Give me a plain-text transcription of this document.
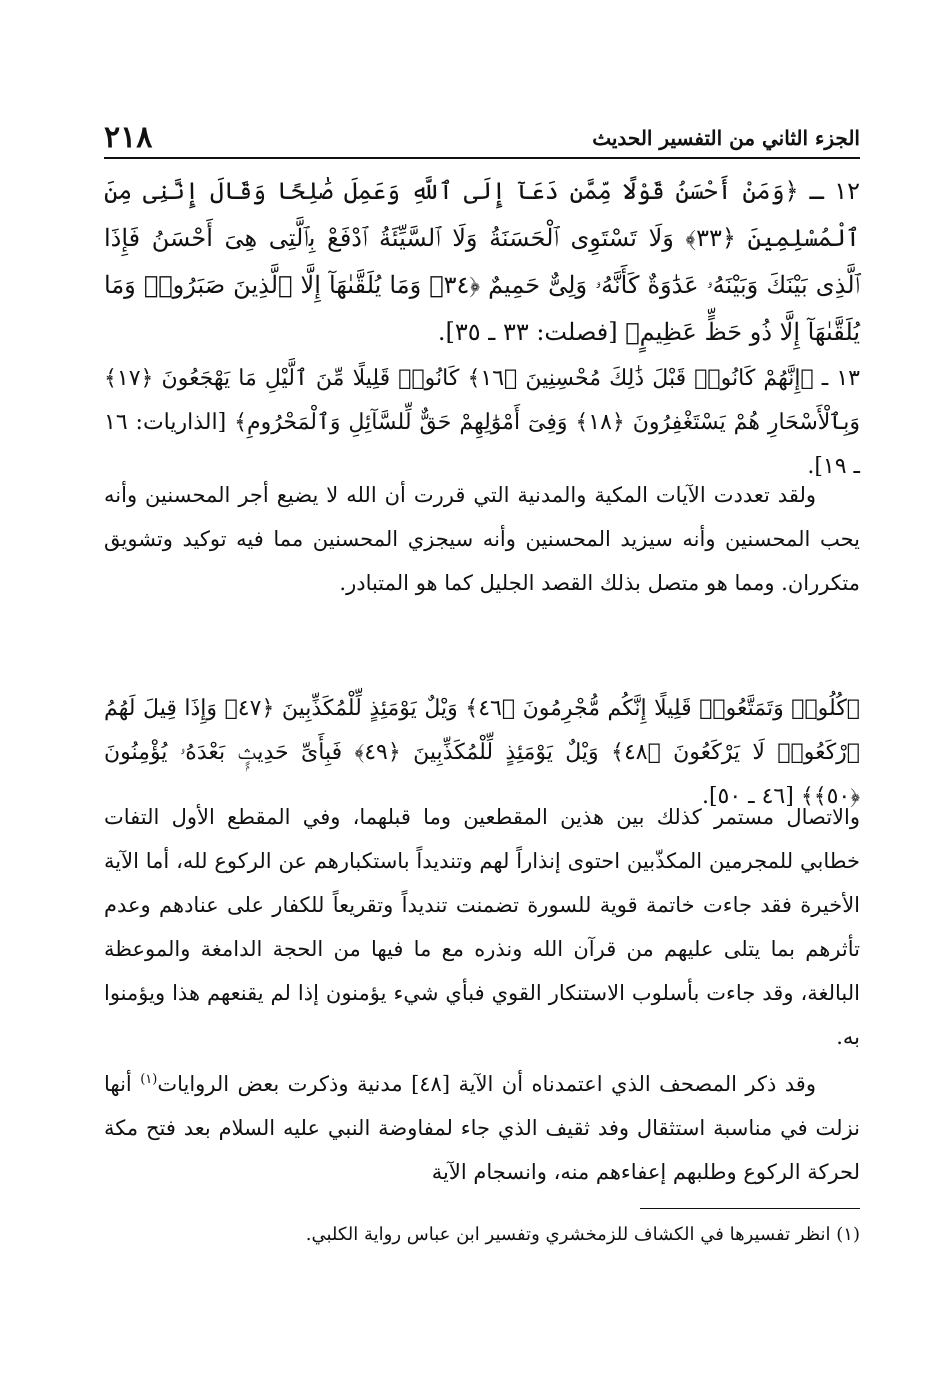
الجزء الثاني من التفسير الحديث
٢١٨
١٢ ـ ﴿وَمَنْ أَحْسَنُ قَوْلًا مِّمَّن دَعَآ إِلَى ٱللَّهِ وَعَمِلَ صَٰلِحًا وَقَالَ إِنَّنِى مِنَ ٱلْمُسْلِمِينَ ﴿٣٣﴾ وَلَا تَسْتَوِى ٱلْحَسَنَةُ وَلَا ٱلسَّيِّئَةُ ٱدْفَعْ بِٱلَّتِى هِىَ أَحْسَنُ فَإِذَا ٱلَّذِى بَيْنَكَ وَبَيْنَهُۥ عَدَٰوَةٌ كَأَنَّهُۥ وَلِىٌّ حَمِيمٌ ﴿٣٤﴾ وَمَا يُلَقَّىٰهَآ إِلَّا ٱلَّذِينَ صَبَرُوا۟ وَمَا يُلَقَّىٰهَآ إِلَّا ذُو حَظٍّ عَظِيمٍ﴾ [فصلت: ٣٣ ـ ٣٥].
١٣ ـ ﴿إِنَّهُمْ كَانُوا۟ قَبْلَ ذَٰلِكَ مُحْسِنِينَ ﴿١٦﴾ كَانُوا۟ قَلِيلًا مِّنَ ٱلَّيْلِ مَا يَهْجَعُونَ ﴿١٧﴾ وَبِٱلْأَسْحَارِ هُمْ يَسْتَغْفِرُونَ ﴿١٨﴾ وَفِىٓ أَمْوَٰلِهِمْ حَقٌّ لِّلسَّآئِلِ وَٱلْمَحْرُومِ﴾ [الذاريات: ١٦ ـ ١٩].
ولقد تعددت الآيات المكية والمدنية التي قررت أن الله لا يضيع أجر المحسنين وأنه يحب المحسنين وأنه سيزيد المحسنين وأنه سيجزي المحسنين مما فيه توكيد وتشويق متكرران. ومما هو متصل بذلك القصد الجليل كما هو المتبادر.
﴿كُلُوا۟ وَتَمَتَّعُوا۟ قَلِيلًا إِنَّكُم مُّجْرِمُونَ ﴿٤٦﴾ وَيْلٌ يَوْمَئِذٍ لِّلْمُكَذِّبِينَ ﴿٤٧﴾ وَإِذَا قِيلَ لَهُمُ ٱرْكَعُوا۟ لَا يَرْكَعُونَ ﴿٤٨﴾ وَيْلٌ يَوْمَئِذٍ لِّلْمُكَذِّبِينَ ﴿٤٩﴾ فَبِأَىِّ حَدِيثٍۭ بَعْدَهُۥ يُؤْمِنُونَ ﴿٥٠﴾﴾ [٤٦ ـ ٥٠].
والاتصال مستمر كذلك بين هذين المقطعين وما قبلهما، وفي المقطع الأول التفات خطابي للمجرمين المكذّبين احتوى إنذاراً لهم وتنديداً باستكبارهم عن الركوع لله، أما الآية الأخيرة فقد جاءت خاتمة قوية للسورة تضمنت تنديداً وتقريعاً للكفار على عنادهم وعدم تأثرهم بما يتلى عليهم من قرآن الله ونذره مع ما فيها من الحجة الدامغة والموعظة البالغة، وقد جاءت بأسلوب الاستنكار القوي فبأي شيء يؤمنون إذا لم يقنعهم هذا ويؤمنوا به.
وقد ذكر المصحف الذي اعتمدناه أن الآية [٤٨] مدنية وذكرت بعض الروايات$^{(١)}$ أنها نزلت في مناسبة استثقال وفد ثقيف الذي جاء لمفاوضة النبي عليه السلام بعد فتح مكة لحركة الركوع وطلبهم إعفاءهم منه، وانسجام الآية
(١) انظر تفسيرها في الكشاف للزمخشري وتفسير ابن عباس رواية الكلبي.
